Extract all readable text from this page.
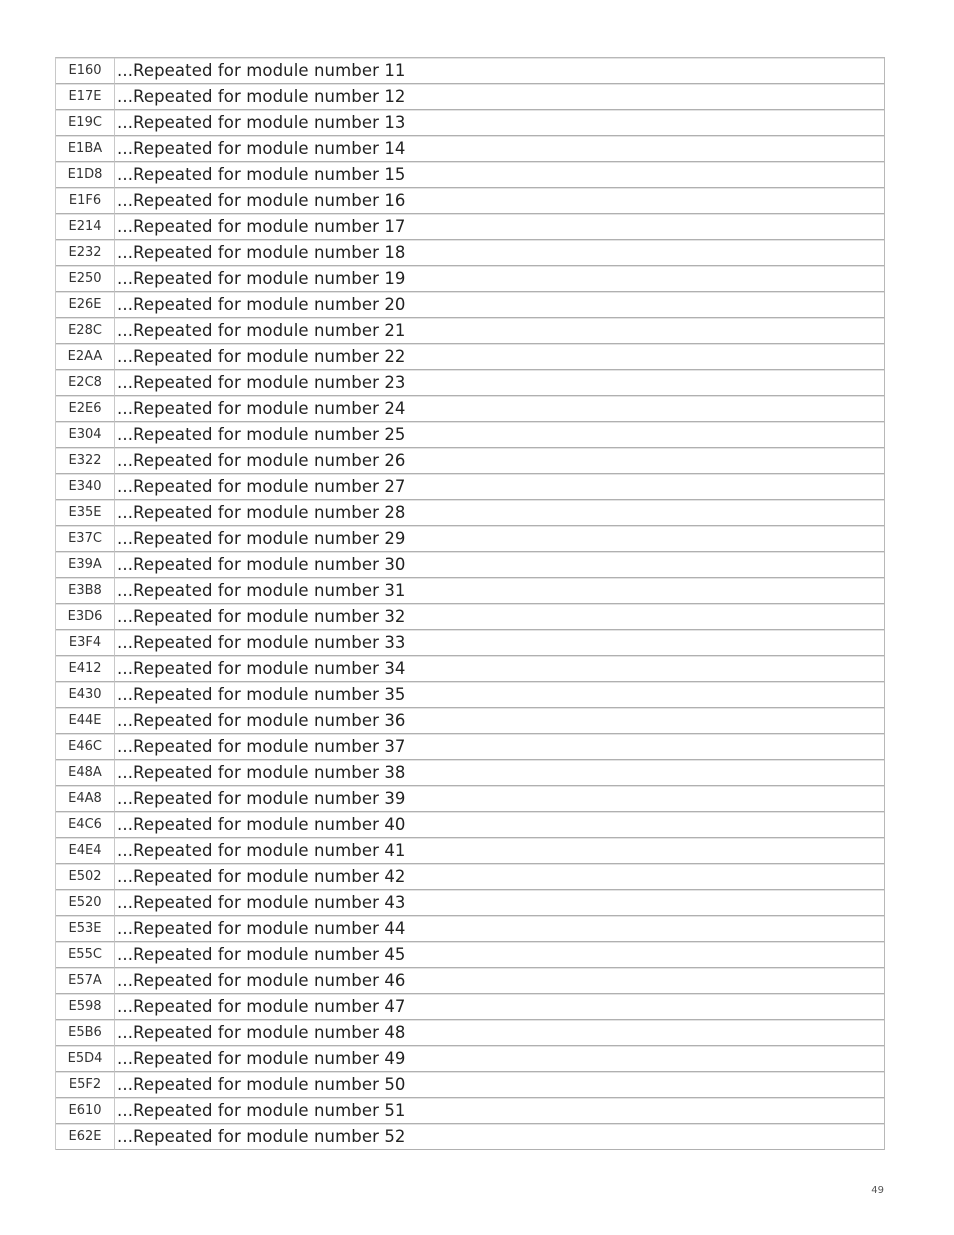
E160	...Repeated for module number 11
E17E	...Repeated for module number 12
E19C	...Repeated for module number 13
E1BA	...Repeated for module number 14
E1D8	...Repeated for module number 15
E1F6	...Repeated for module number 16
E214	...Repeated for module number 17
E232	...Repeated for module number 18
E250	...Repeated for module number 19
E26E	...Repeated for module number 20
E28C	...Repeated for module number 21
E2AA	...Repeated for module number 22
E2C8	...Repeated for module number 23
E2E6	...Repeated for module number 24
E304	...Repeated for module number 25
E322	...Repeated for module number 26
E340	...Repeated for module number 27
E35E	...Repeated for module number 28
E37C	...Repeated for module number 29
E39A	...Repeated for module number 30
E3B8	...Repeated for module number 31
E3D6	...Repeated for module number 32
E3F4	...Repeated for module number 33
E412	...Repeated for module number 34
E430	...Repeated for module number 35
E44E	...Repeated for module number 36
E46C	...Repeated for module number 37
E48A	...Repeated for module number 38
E4A8	...Repeated for module number 39
E4C6	...Repeated for module number 40
E4E4	...Repeated for module number 41
E502	...Repeated for module number 42
E520	...Repeated for module number 43
E53E	...Repeated for module number 44
E55C	...Repeated for module number 45
E57A	...Repeated for module number 46
E598	...Repeated for module number 47
E5B6	...Repeated for module number 48
E5D4	...Repeated for module number 49
E5F2	...Repeated for module number 50
E610	...Repeated for module number 51
E62E	...Repeated for module number 52
49
